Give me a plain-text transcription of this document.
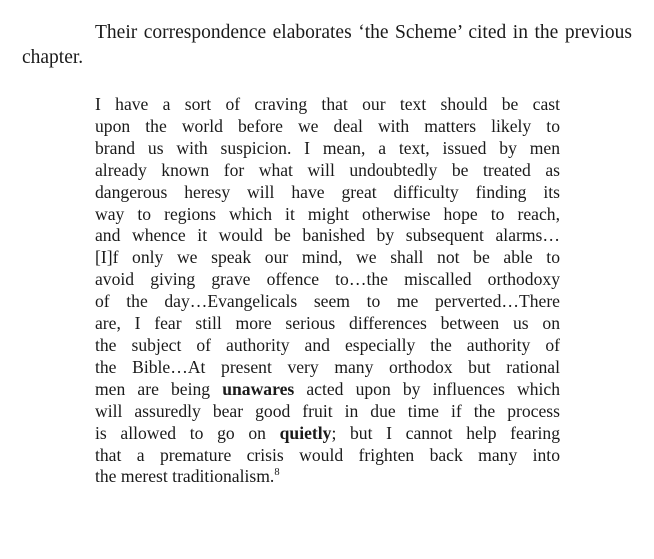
Their correspondence elaborates ‘the Scheme’ cited in the previous chapter.

I have a sort of craving that our text should be cast
upon the world before we deal with matters likely to
brand us with suspicion. I mean, a text, issued by men
already known for what will undoubtedly be treated as
dangerous heresy will have great difficulty finding its
way to regions which it might otherwise hope to reach,
and whence it would be banished by subsequent alarms…
[I]f only we speak our mind, we shall not be able to
avoid giving grave offence to…the miscalled orthodoxy
of the day…Evangelicals seem to me perverted…There
are, I fear still more serious differences between us on
the subject of authority and especially the authority of
the Bible…At present very many orthodox but rational
men are being unawares acted upon by influences which
will assuredly bear good fruit in due time if the process
is allowed to go on quietly; but I cannot help fearing
that a premature crisis would frighten back many into
the merest traditionalism.$^8$
